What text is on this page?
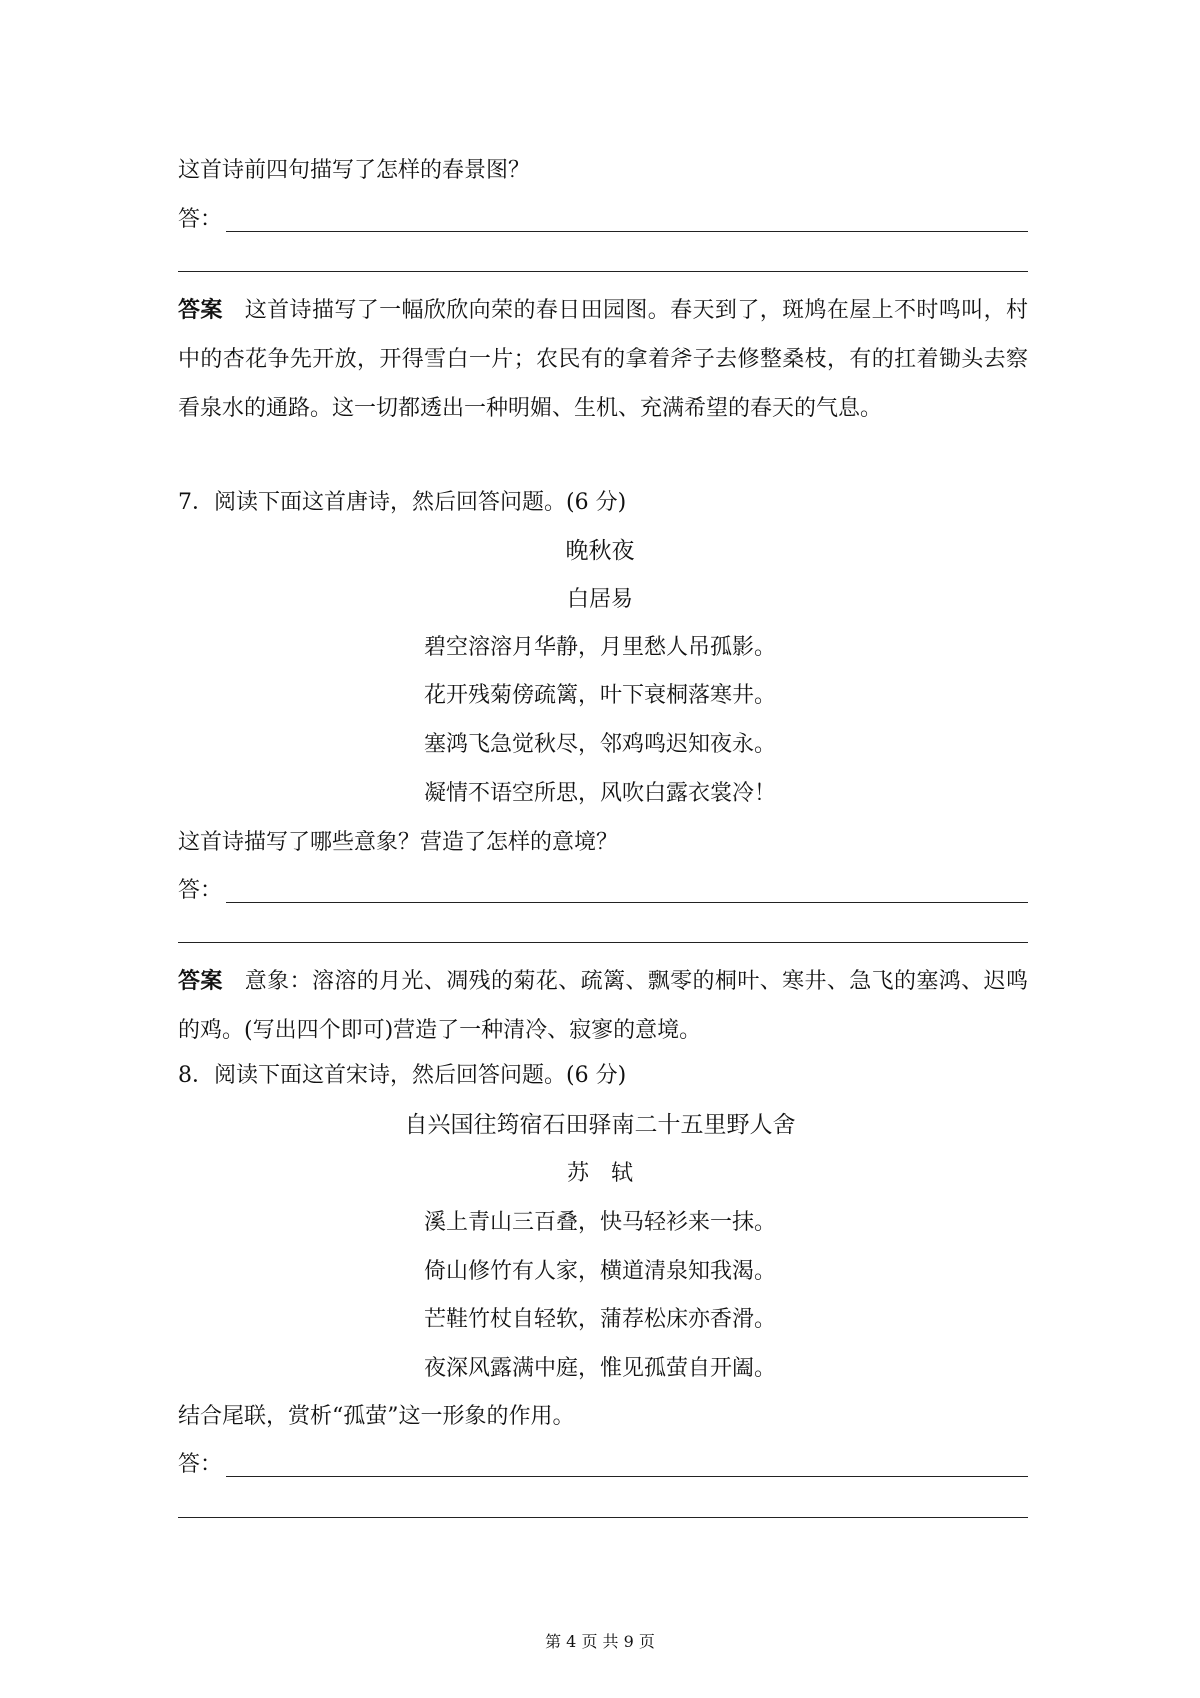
这首诗前四句描写了怎样的春景图？
答：
答案 这首诗描写了一幅欣欣向荣的春日田园图。春天到了，斑鸠在屋上不时鸣叫，村中的杏花争先开放，开得雪白一片；农民有的拿着斧子去修整桑枝，有的扛着锄头去察看泉水的通路。这一切都透出一种明媚、生机、充满希望的春天的气息。
7．阅读下面这首唐诗，然后回答问题。(6 分)
晚秋夜
白居易
碧空溶溶月华静，月里愁人吊孤影。
花开残菊傍疏篱，叶下衰桐落寒井。
塞鸿飞急觉秋尽，邻鸡鸣迟知夜永。
凝情不语空所思，风吹白露衣裳冷！
这首诗描写了哪些意象？营造了怎样的意境？
答：
答案 意象：溶溶的月光、凋残的菊花、疏篱、飘零的桐叶、寒井、急飞的塞鸿、迟鸣的鸡。(写出四个即可)营造了一种清冷、寂寥的意境。
8．阅读下面这首宋诗，然后回答问题。(6 分)
自兴国往筠宿石田驿南二十五里野人舍
苏　轼
溪上青山三百叠，快马轻衫来一抹。
倚山修竹有人家，横道清泉知我渴。
芒鞋竹杖自轻软，蒲荐松床亦香滑。
夜深风露满中庭，惟见孤萤自开阖。
结合尾联，赏析“孤萤”这一形象的作用。
答：
第 4 页 共 9 页
